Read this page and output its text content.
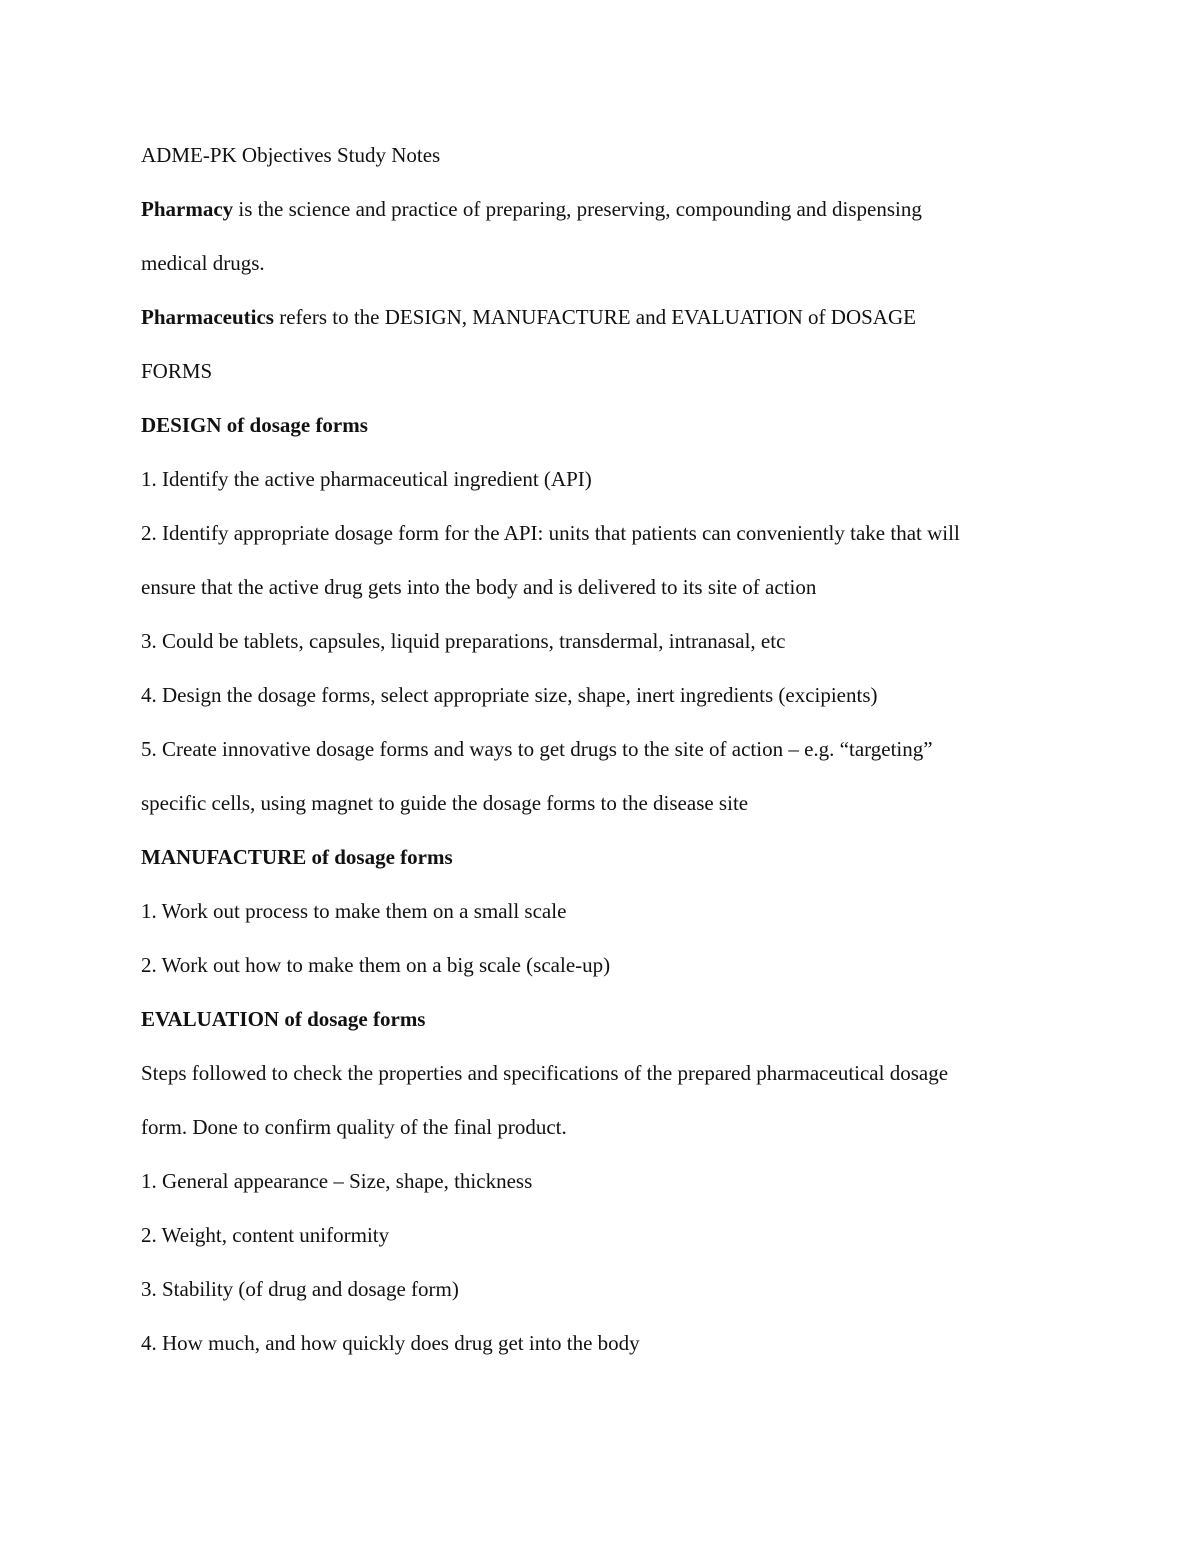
ADME-PK Objectives Study Notes
Pharmacy is the science and practice of preparing, preserving, compounding and dispensing
medical drugs.
Pharmaceutics refers to the DESIGN, MANUFACTURE and EVALUATION of DOSAGE
FORMS
DESIGN of dosage forms
1. Identify the active pharmaceutical ingredient (API)
2. Identify appropriate dosage form for the API: units that patients can conveniently take that will
ensure that the active drug gets into the body and is delivered to its site of action
3. Could be tablets, capsules, liquid preparations, transdermal, intranasal, etc
4. Design the dosage forms, select appropriate size, shape, inert ingredients (excipients)
5. Create innovative dosage forms and ways to get drugs to the site of action – e.g. “targeting”
specific cells, using magnet to guide the dosage forms to the disease site
MANUFACTURE of dosage forms
1. Work out process to make them on a small scale
2. Work out how to make them on a big scale (scale-up)
EVALUATION of dosage forms
Steps followed to check the properties and specifications of the prepared pharmaceutical dosage
form. Done to confirm quality of the final product.
1. General appearance – Size, shape, thickness
2. Weight, content uniformity
3. Stability (of drug and dosage form)
4. How much, and how quickly does drug get into the body
